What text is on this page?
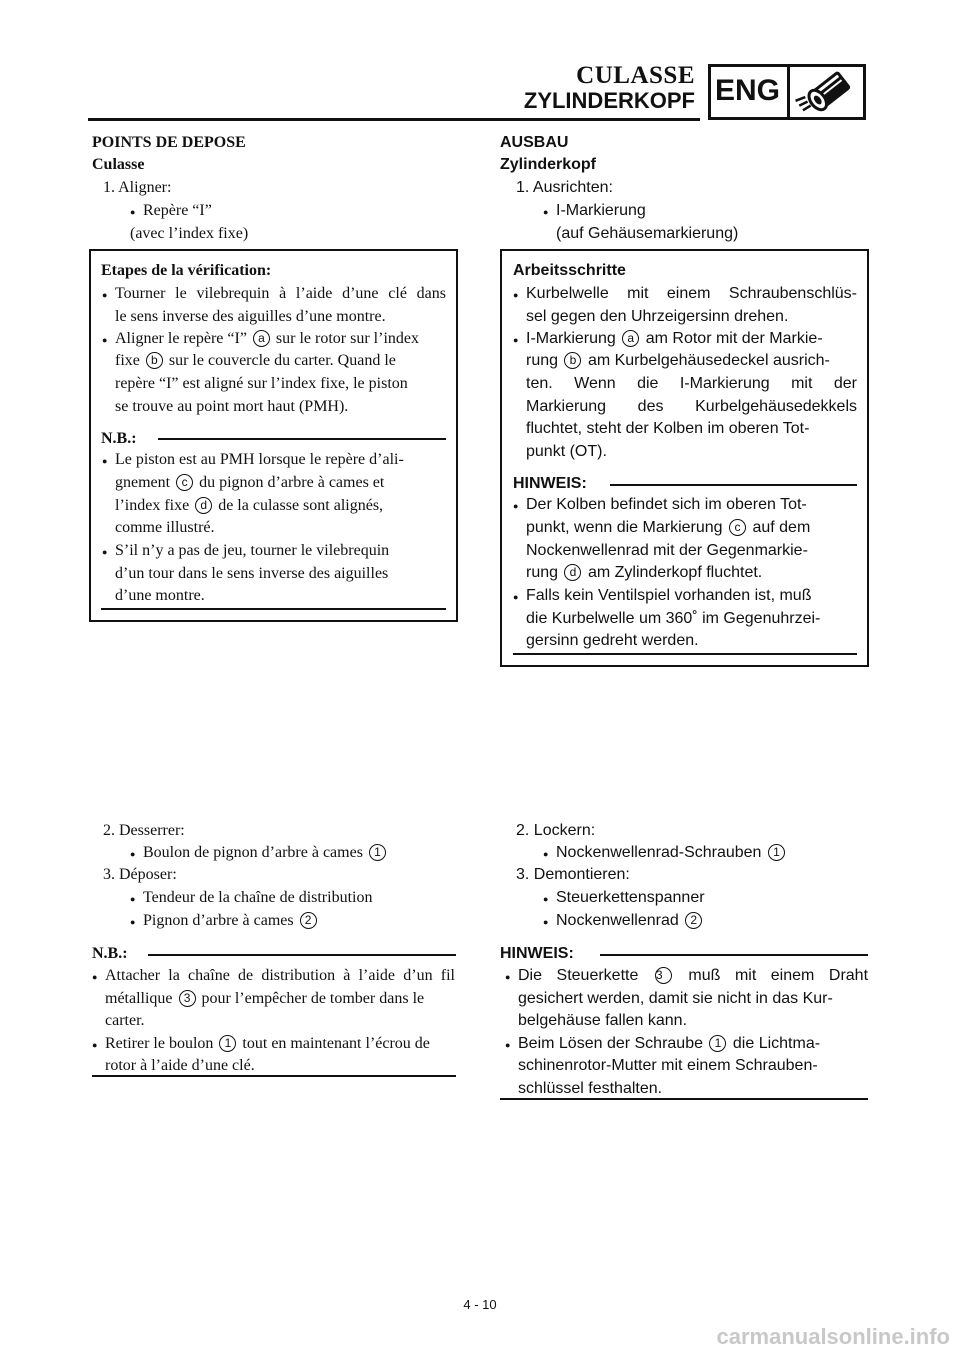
CULASSE
ZYLINDERKOPF ENG
POINTS DE DEPOSE
Culasse
1. Aligner:
● Repère “I”
(avec l’index fixe)
Etapes de la vérification:
● Tourner le vilebrequin à l’aide d’une clé dans
le sens inverse des aiguilles d’une montre.
● Aligner le repère “I” a sur le rotor sur l’index
fixe b sur le couvercle du carter. Quand le
repère “I” est aligné sur l’index fixe, le piston
se trouve au point mort haut (PMH).
N.B.:
● Le piston est au PMH lorsque le repère d’ali-
gnement c du pignon d’arbre à cames et
l’index fixe d de la culasse sont alignés,
comme illustré.
● S’il n’y a pas de jeu, tourner le vilebrequin
d’un tour dans le sens inverse des aiguilles
d’une montre.
2. Desserrer:
● Boulon de pignon d’arbre à cames 1
3. Déposer:
● Tendeur de la chaîne de distribution
● Pignon d’arbre à cames 2
N.B.:
● Attacher la chaîne de distribution à l’aide d’un fil
métallique 3 pour l’empêcher de tomber dans le
carter.
● Retirer le boulon 1 tout en maintenant l’écrou de
rotor à l’aide d’une clé.
AUSBAU
Zylinderkopf
1. Ausrichten:
● I-Markierung
(auf Gehäusemarkierung)
Arbeitsschritte
● Kurbelwelle mit einem Schraubenschlüs-
sel gegen den Uhrzeigersinn drehen.
● I-Markierung a am Rotor mit der Markie-
rung b am Kurbelgehäusedeckel ausrich-
ten. Wenn die I-Markierung mit der
Markierung des Kurbelgehäusedekkels
fluchtet, steht der Kolben im oberen Tot-
punkt (OT).
HINWEIS:
● Der Kolben befindet sich im oberen Tot-
punkt, wenn die Markierung c auf dem
Nockenwellenrad mit der Gegenmarkie-
rung d am Zylinderkopf fluchtet.
● Falls kein Ventilspiel vorhanden ist, muß
die Kurbelwelle um 360˚ im Gegenuhrzei-
gersinn gedreht werden.
2. Lockern:
● Nockenwellenrad-Schrauben 1
3. Demontieren:
● Steuerkettenspanner
● Nockenwellenrad 2
HINWEIS:
● Die Steuerkette 3 muß mit einem Draht
gesichert werden, damit sie nicht in das Kur-
belgehäuse fallen kann.
● Beim Lösen der Schraube 1 die Lichtma-
schinenrotor-Mutter mit einem Schrauben-
schlüssel festhalten.
4 - 10
carmanualsonline.info
